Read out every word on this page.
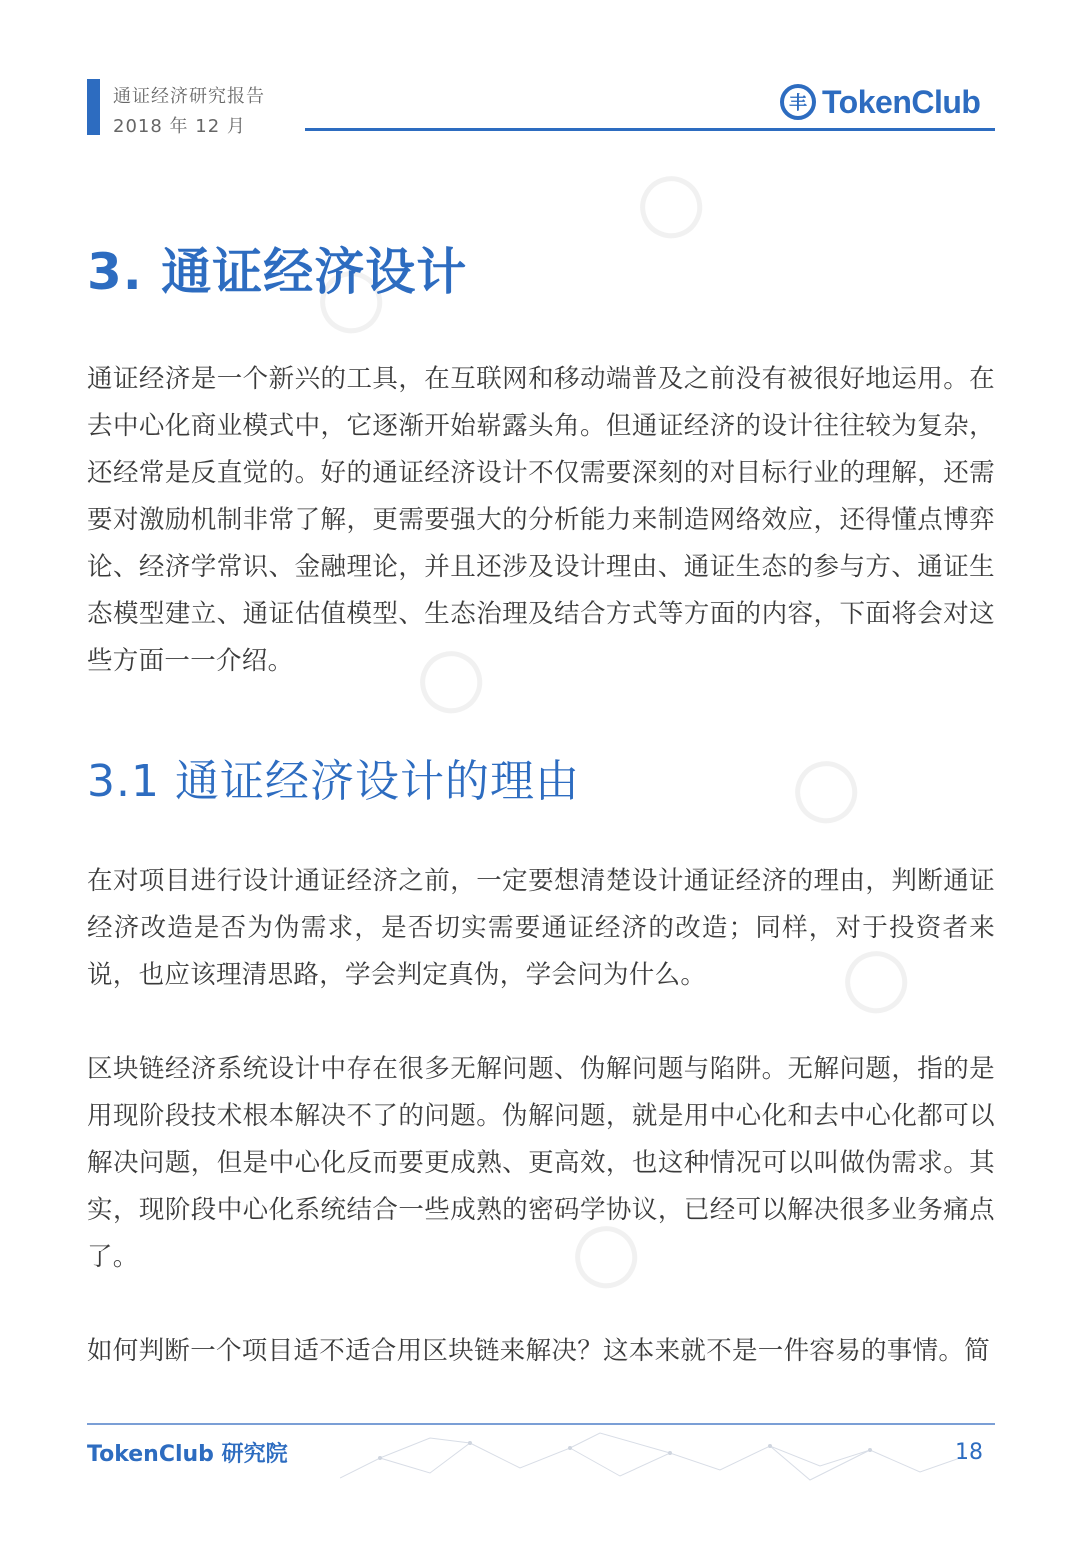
通证经济研究报告
2018 年 12 月
丰 TokenClub
3. 通证经济设计

通证经济是一个新兴的工具，在互联网和移动端普及之前没有被很好地运用。在去中心化商业模式中，它逐渐开始崭露头角。但通证经济的设计往往较为复杂，还经常是反直觉的。好的通证经济设计不仅需要深刻的对目标行业的理解，还需要对激励机制非常了解，更需要强大的分析能力来制造网络效应，还得懂点博弈论、经济学常识、金融理论，并且还涉及设计理由、通证生态的参与方、通证生态模型建立、通证估值模型、生态治理及结合方式等方面的内容，下面将会对这些方面一一介绍。

3.1 通证经济设计的理由

在对项目进行设计通证经济之前，一定要想清楚设计通证经济的理由，判断通证经济改造是否为伪需求，是否切实需要通证经济的改造；同样，对于投资者来说，也应该理清思路，学会判定真伪，学会问为什么。

区块链经济系统设计中存在很多无解问题、伪解问题与陷阱。无解问题，指的是用现阶段技术根本解决不了的问题。伪解问题，就是用中心化和去中心化都可以解决问题，但是中心化反而要更成熟、更高效，也这种情况可以叫做伪需求。其实，现阶段中心化系统结合一些成熟的密码学协议，已经可以解决很多业务痛点了。

如何判断一个项目适不适合用区块链来解决？这本来就不是一件容易的事情。简

TokenClub 研究院	18
